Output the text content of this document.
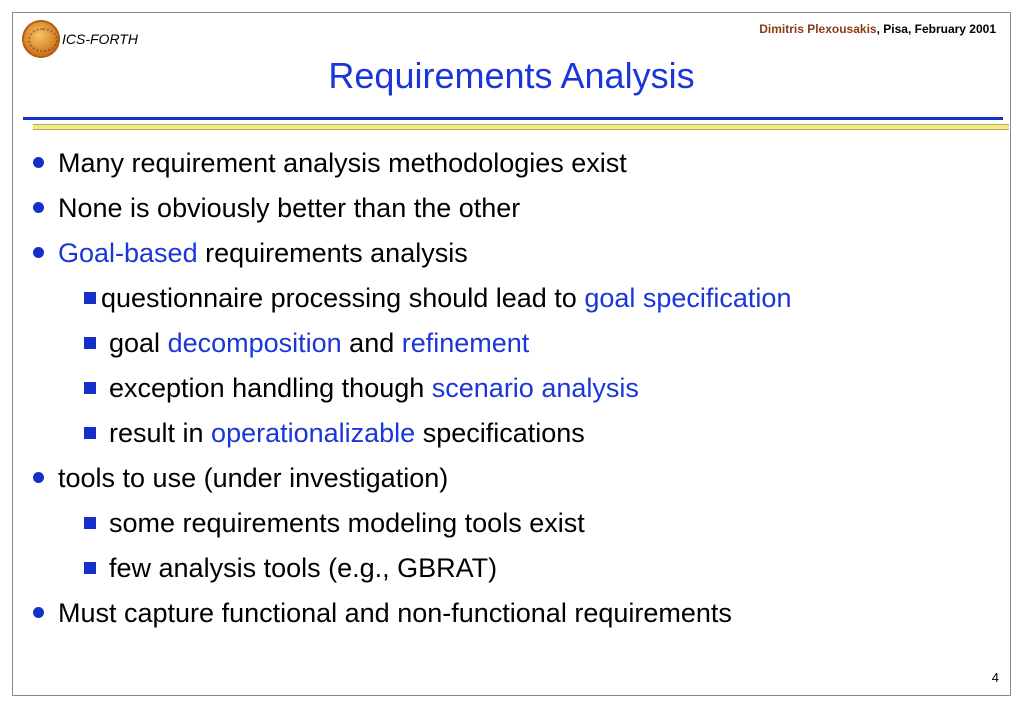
ICS-FORTH
Dimitris Plexousakis, Pisa, February 2001
Requirements Analysis
Many requirement analysis methodologies exist
None is obviously better than the other
Goal-based requirements analysis
questionnaire processing should lead to goal specification
goal decomposition and refinement
exception handling though scenario analysis
result in operationalizable specifications
tools to use (under investigation)
some requirements modeling tools exist
few analysis tools (e.g., GBRAT)
Must capture functional and non-functional requirements
4
